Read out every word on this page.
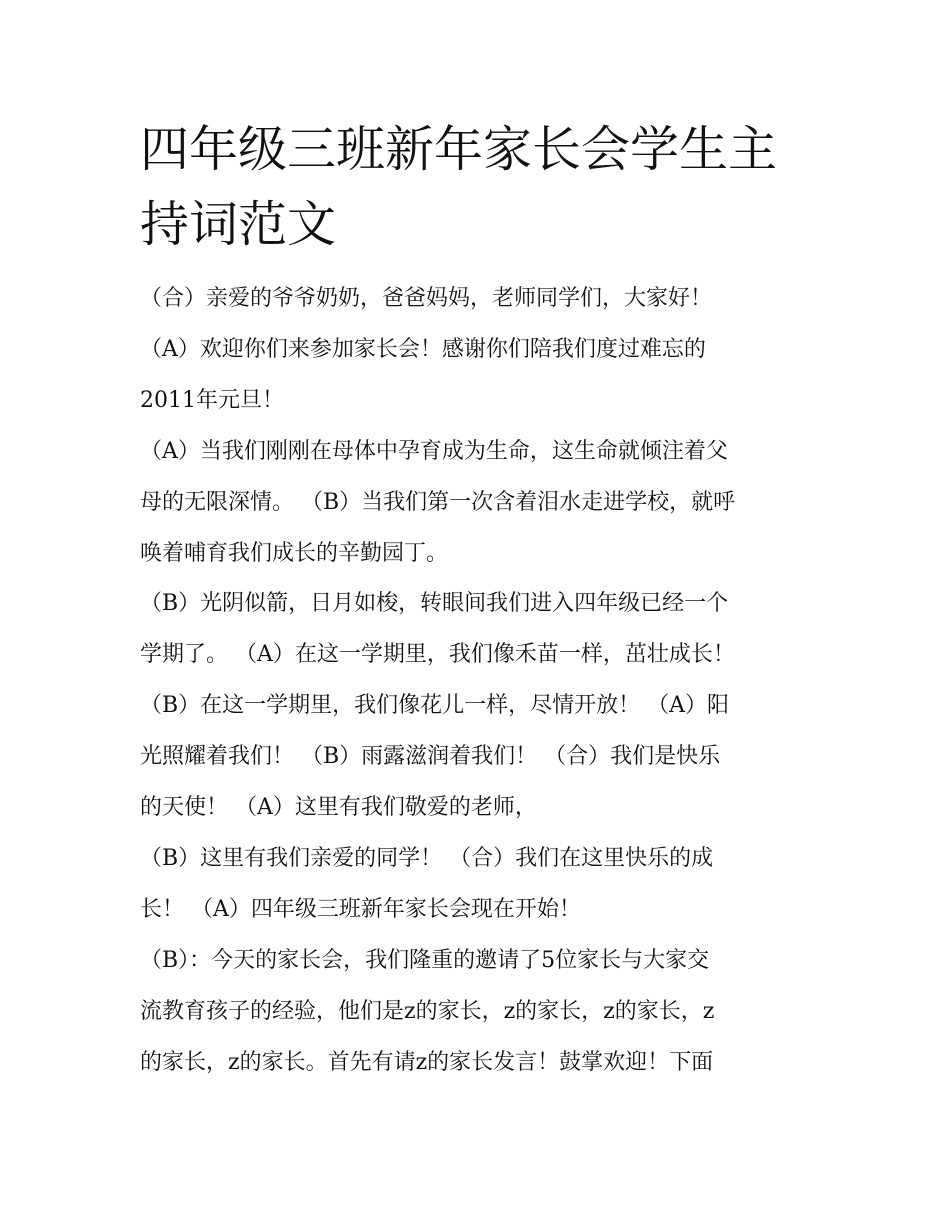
四年级三班新年家长会学生主持词范文

（合）亲爱的爷爷奶奶，爸爸妈妈，老师同学们，大家好！

（A）欢迎你们来参加家长会！感谢你们陪我们度过难忘的

2011年元旦！

（A）当我们刚刚在母体中孕育成为生命，这生命就倾注着父

母的无限深情。 （B）当我们第一次含着泪水走进学校，就呼

唤着哺育我们成长的辛勤园丁。

（B）光阴似箭，日月如梭，转眼间我们进入四年级已经一个

学期了。 （A）在这一学期里，我们像禾苗一样，茁壮成长！

（B）在这一学期里，我们像花儿一样，尽情开放！ （A）阳

光照耀着我们！ （B）雨露滋润着我们！ （合）我们是快乐

的天使！ （A）这里有我们敬爱的老师，

（B）这里有我们亲爱的同学！ （合）我们在这里快乐的成

长！ （A）四年级三班新年家长会现在开始！

（B）：今天的家长会，我们隆重的邀请了5位家长与大家交

流教育孩子的经验，他们是z的家长，z的家长，z的家长，z

的家长，z的家长。首先有请z的家长发言！鼓掌欢迎！下面
